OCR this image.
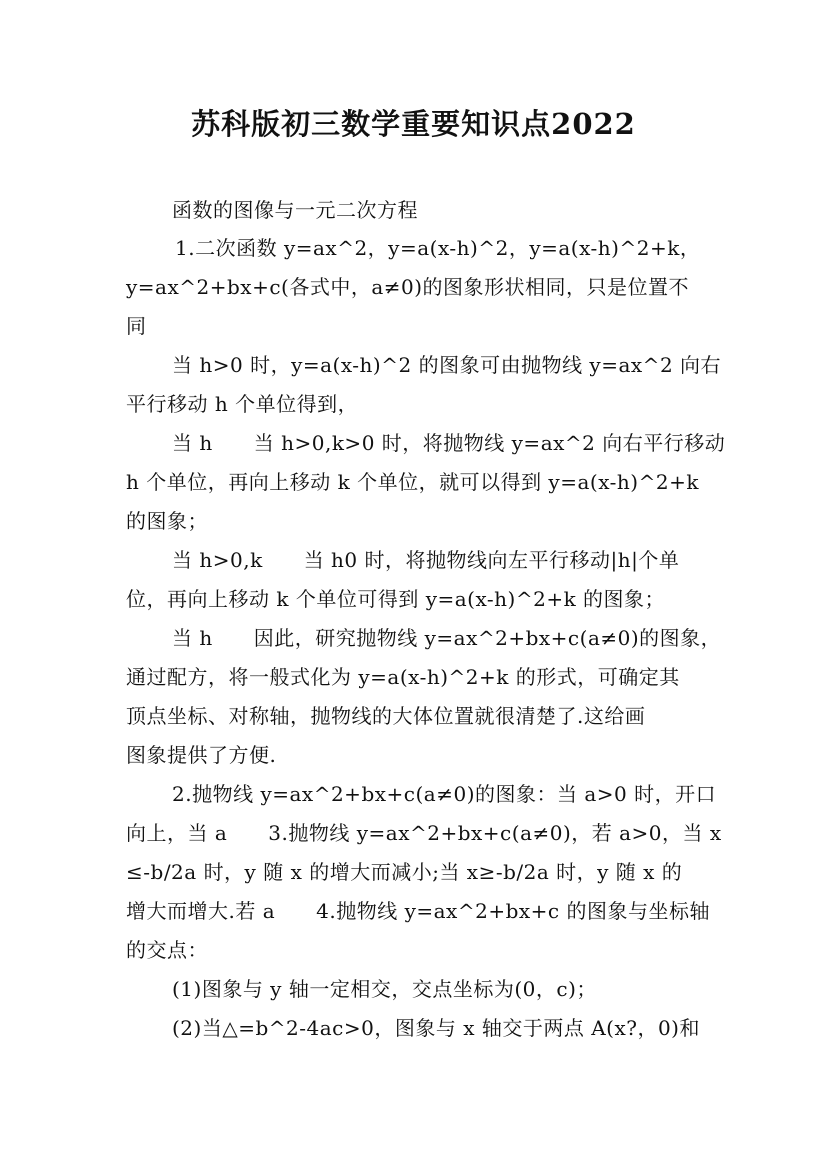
苏科版初三数学重要知识点2022
函数的图像与一元二次方程
1.二次函数 y=ax^2，y=a(x-h)^2，y=a(x-h)^2+k，
y=ax^2+bx+c(各式中，a≠0)的图象形状相同，只是位置不
同
当 h>0 时，y=a(x-h)^2 的图象可由抛物线 y=ax^2 向右
平行移动 h 个单位得到，
当 h　　当 h>0,k>0 时，将抛物线 y=ax^2 向右平行移动
h 个单位，再向上移动 k 个单位，就可以得到 y=a(x-h)^2+k
的图象；
当 h>0,k　　当 h0 时，将抛物线向左平行移动|h|个单
位，再向上移动 k 个单位可得到 y=a(x-h)^2+k 的图象；
当 h　　因此，研究抛物线 y=ax^2+bx+c(a≠0)的图象，
通过配方，将一般式化为 y=a(x-h)^2+k 的形式，可确定其
顶点坐标、对称轴，抛物线的大体位置就很清楚了.这给画
图象提供了方便.
2.抛物线 y=ax^2+bx+c(a≠0)的图象：当 a>0 时，开口
向上，当 a　　3.抛物线 y=ax^2+bx+c(a≠0)，若 a>0，当 x
≤-b/2a 时，y 随 x 的增大而减小;当 x≥-b/2a 时，y 随 x 的
增大而增大.若 a　　4.抛物线 y=ax^2+bx+c 的图象与坐标轴
的交点：
(1)图象与 y 轴一定相交，交点坐标为(0，c)；
(2)当△=b^2-4ac>0，图象与 x 轴交于两点 A(x?，0)和
